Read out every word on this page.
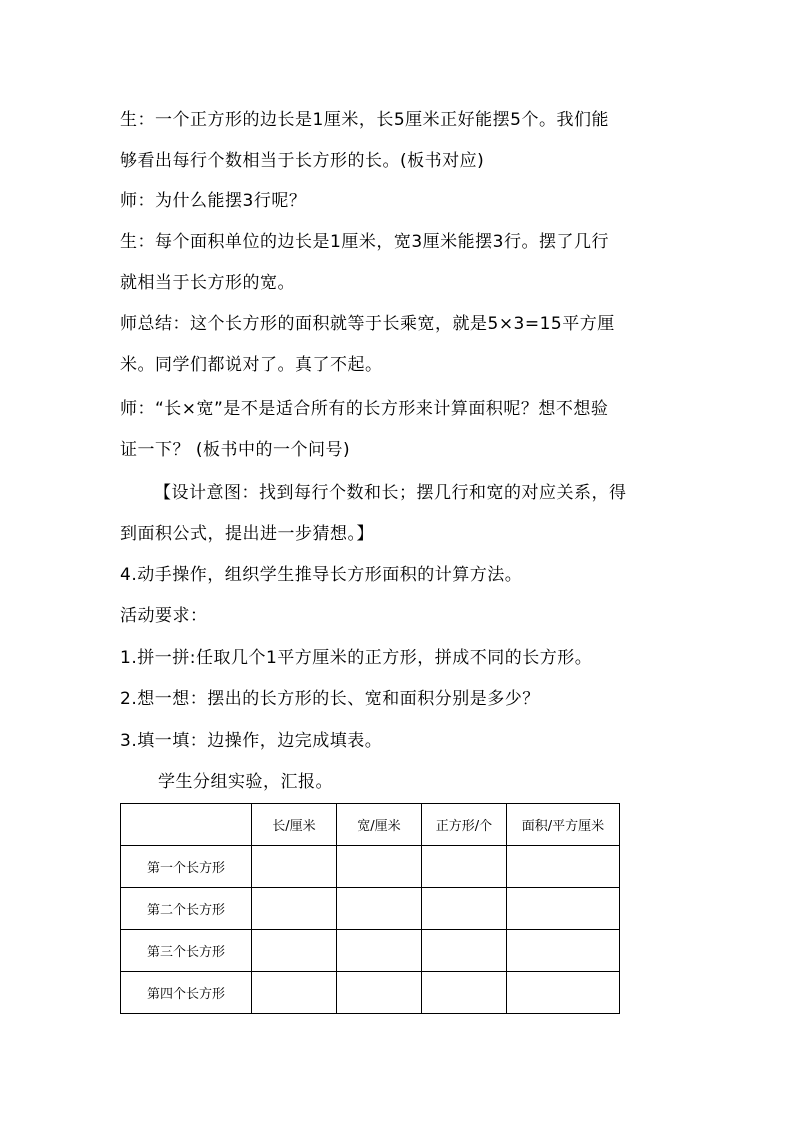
生：一个正方形的边长是1厘米，长5厘米正好能摆5个。我们能
够看出每行个数相当于长方形的长。(板书对应)
师：为什么能摆3行呢？
生：每个面积单位的边长是1厘米，宽3厘米能摆3行。摆了几行
就相当于长方形的宽。
师总结：这个长方形的面积就等于长乘宽，就是5×3=15平方厘
米。同学们都说对了。真了不起。
师：“长×宽”是不是适合所有的长方形来计算面积呢？想不想验
证一下？ (板书中的一个问号)
【设计意图：找到每行个数和长；摆几行和宽的对应关系，得
到面积公式，提出进一步猜想。】
4.动手操作，组织学生推导长方形面积的计算方法。
活动要求：
1.拼一拼:任取几个1平方厘米的正方形，拼成不同的长方形。
2.想一想：摆出的长方形的长、宽和面积分别是多少？
3.填一填：边操作，边完成填表。
学生分组实验，汇报。
	长/厘米	宽/厘米	正方形/个	面积/平方厘米
第一个长方形				
第二个长方形				
第三个长方形				
第四个长方形				
